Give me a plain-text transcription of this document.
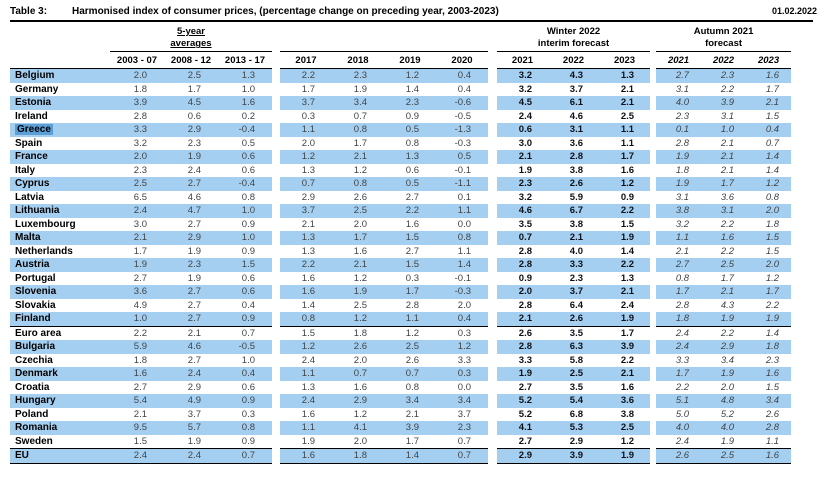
Table 3:	Harmonised index of consumer prices, (percentage change on preceding year, 2003-2023)	01.02.2022
	5-year
averages									Winter 2022
interim forecast				Autumn 2021
forecast		
	2003 - 07	2008 - 12	2013 - 17		2017	2018	2019	2020		2021	2022	2023		2021	2022	2023
Belgium	2.0	2.5	1.3		2.2	2.3	1.2	0.4		3.2	4.3	1.3		2.7	2.3	1.6
Germany	1.8	1.7	1.0		1.7	1.9	1.4	0.4		3.2	3.7	2.1		3.1	2.2	1.7
Estonia	3.9	4.5	1.6		3.7	3.4	2.3	-0.6		4.5	6.1	2.1		4.0	3.9	2.1
Ireland	2.8	0.6	0.2		0.3	0.7	0.9	-0.5		2.4	4.6	2.5		2.3	3.1	1.5
Greece	3.3	2.9	-0.4		1.1	0.8	0.5	-1.3		0.6	3.1	1.1		0.1	1.0	0.4
Spain	3.2	2.3	0.5		2.0	1.7	0.8	-0.3		3.0	3.6	1.1		2.8	2.1	0.7
France	2.0	1.9	0.6		1.2	2.1	1.3	0.5		2.1	2.8	1.7		1.9	2.1	1.4
Italy	2.3	2.4	0.6		1.3	1.2	0.6	-0.1		1.9	3.8	1.6		1.8	2.1	1.4
Cyprus	2.5	2.7	-0.4		0.7	0.8	0.5	-1.1		2.3	2.6	1.2		1.9	1.7	1.2
Latvia	6.5	4.6	0.8		2.9	2.6	2.7	0.1		3.2	5.9	0.9		3.1	3.6	0.8
Lithuania	2.4	4.7	1.0		3.7	2.5	2.2	1.1		4.6	6.7	2.2		3.8	3.1	2.0
Luxembourg	3.0	2.7	0.9		2.1	2.0	1.6	0.0		3.5	3.8	1.5		3.2	2.2	1.8
Malta	2.1	2.9	1.0		1.3	1.7	1.5	0.8		0.7	2.1	1.9		1.1	1.6	1.5
Netherlands	1.7	1.9	0.9		1.3	1.6	2.7	1.1		2.8	4.0	1.4		2.1	2.2	1.5
Austria	1.9	2.3	1.5		2.2	2.1	1.5	1.4		2.8	3.3	2.2		2.7	2.5	2.0
Portugal	2.7	1.9	0.6		1.6	1.2	0.3	-0.1		0.9	2.3	1.3		0.8	1.7	1.2
Slovenia	3.6	2.7	0.6		1.6	1.9	1.7	-0.3		2.0	3.7	2.1		1.7	2.1	1.7
Slovakia	4.9	2.7	0.4		1.4	2.5	2.8	2.0		2.8	6.4	2.4		2.8	4.3	2.2
Finland	1.0	2.7	0.9		0.8	1.2	1.1	0.4		2.1	2.6	1.9		1.8	1.9	1.9
Euro area	2.2	2.1	0.7		1.5	1.8	1.2	0.3		2.6	3.5	1.7		2.4	2.2	1.4
Bulgaria	5.9	4.6	-0.5		1.2	2.6	2.5	1.2		2.8	6.3	3.9		2.4	2.9	1.8
Czechia	1.8	2.7	1.0		2.4	2.0	2.6	3.3		3.3	5.8	2.2		3.3	3.4	2.3
Denmark	1.6	2.4	0.4		1.1	0.7	0.7	0.3		1.9	2.5	2.1		1.7	1.9	1.6
Croatia	2.7	2.9	0.6		1.3	1.6	0.8	0.0		2.7	3.5	1.6		2.2	2.0	1.5
Hungary	5.4	4.9	0.9		2.4	2.9	3.4	3.4		5.2	5.4	3.6		5.1	4.8	3.4
Poland	2.1	3.7	0.3		1.6	1.2	2.1	3.7		5.2	6.8	3.8		5.0	5.2	2.6
Romania	9.5	5.7	0.8		1.1	4.1	3.9	2.3		4.1	5.3	2.5		4.0	4.0	2.8
Sweden	1.5	1.9	0.9		1.9	2.0	1.7	0.7		2.7	2.9	1.2		2.4	1.9	1.1
EU	2.4	2.4	0.7		1.6	1.8	1.4	0.7		2.9	3.9	1.9		2.6	2.5	1.6
